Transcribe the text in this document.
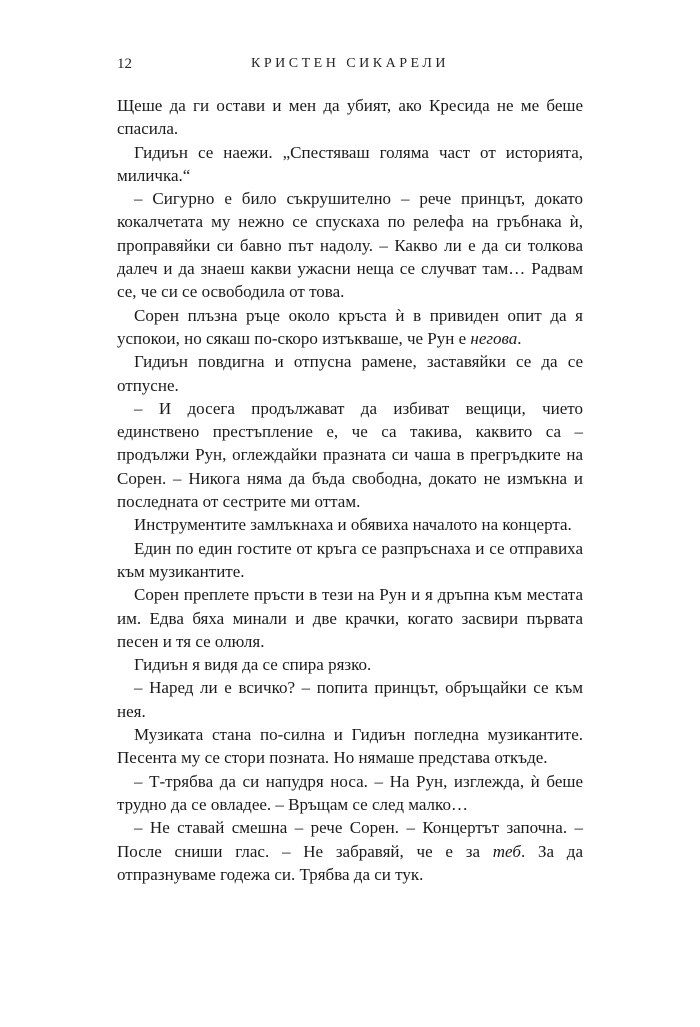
12	КРИСТЕН СИКАРЕЛИ

Щеше да ги остави и мен да убият, ако Кресида не ме беше спасила.

Гидиън се наежи. „Спестяваш голяма част от историята, миличка.“

– Сигурно е било съкрушително – рече принцът, докато кокалчетата му нежно се спускаха по релефа на гръбнака ѝ, проправяйки си бавно път надолу. – Какво ли е да си толкова далеч и да знаеш какви ужасни неща се случват там… Радвам се, че си се освободила от това.

Сорен плъзна ръце около кръста ѝ в привиден опит да я успокои, но сякаш по-скоро изтъкваше, че Рун е негова.

Гидиън повдигна и отпусна рамене, заставяйки се да се отпусне.

– И досега продължават да избиват вещици, чието единствено престъпление е, че са такива, каквито са – продължи Рун, оглеждайки празната си чаша в прегръдките на Сорен. – Никога няма да бъда свободна, докато не измъкна и последната от сестрите ми оттам.

Инструментите замлъкнаха и обявиха началото на концерта.

Един по един гостите от кръга се разпръснаха и се отправиха към музикантите.

Сорен преплете пръсти в тези на Рун и я дръпна към местата им. Едва бяха минали и две крачки, когато засвири първата песен и тя се олюля.

Гидиън я видя да се спира рязко.

– Наред ли е всичко? – попита принцът, обръщайки се към нея.

Музиката стана по-силна и Гидиън погледна музикантите. Песента му се стори позната. Но нямаше представа откъде.

– Т-трябва да си напудря носа. – На Рун, изглежда, ѝ беше трудно да се овладее. – Връщам се след малко…

– Не ставай смешна – рече Сорен. – Концертът започна. – После сниши глас. – Не забравяй, че е за теб. За да отпразнуваме годежа си. Трябва да си тук.
